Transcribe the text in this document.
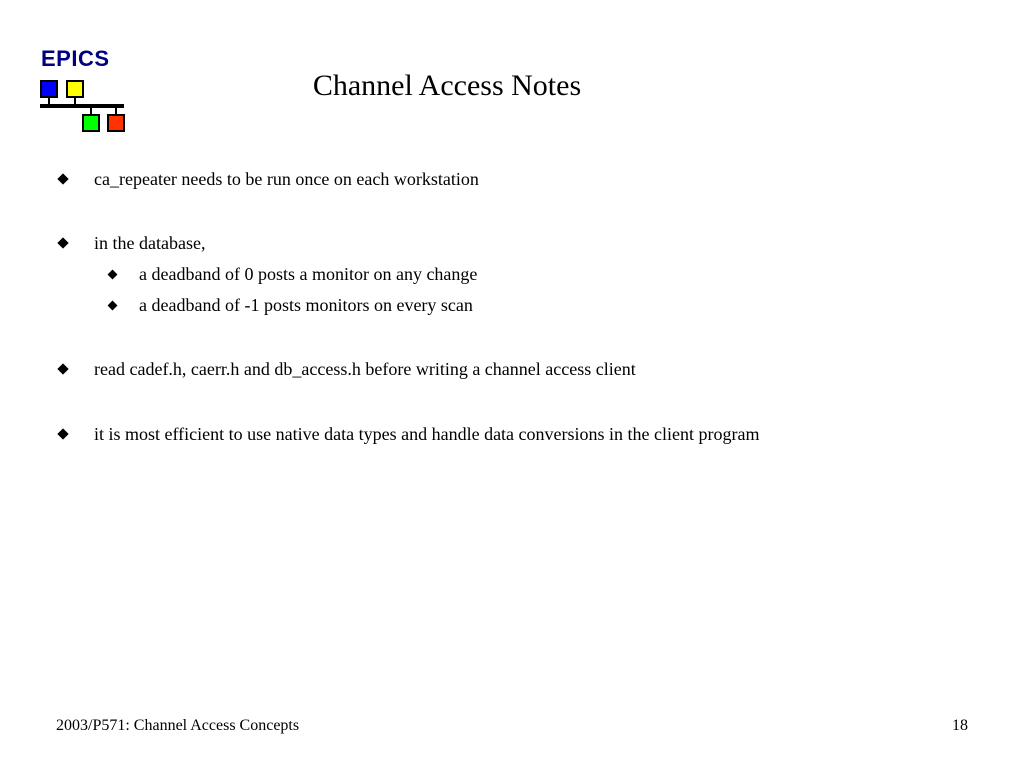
EPICS
Channel Access Notes
ca_repeater needs to be run once on each workstation
in the database,
a deadband of 0 posts a monitor on any change
a deadband of -1 posts monitors on every scan
read cadef.h, caerr.h and db_access.h before writing a channel access client
it is most efficient to use native data types and handle data conversions in the client program
2003/P571: Channel Access Concepts	18
